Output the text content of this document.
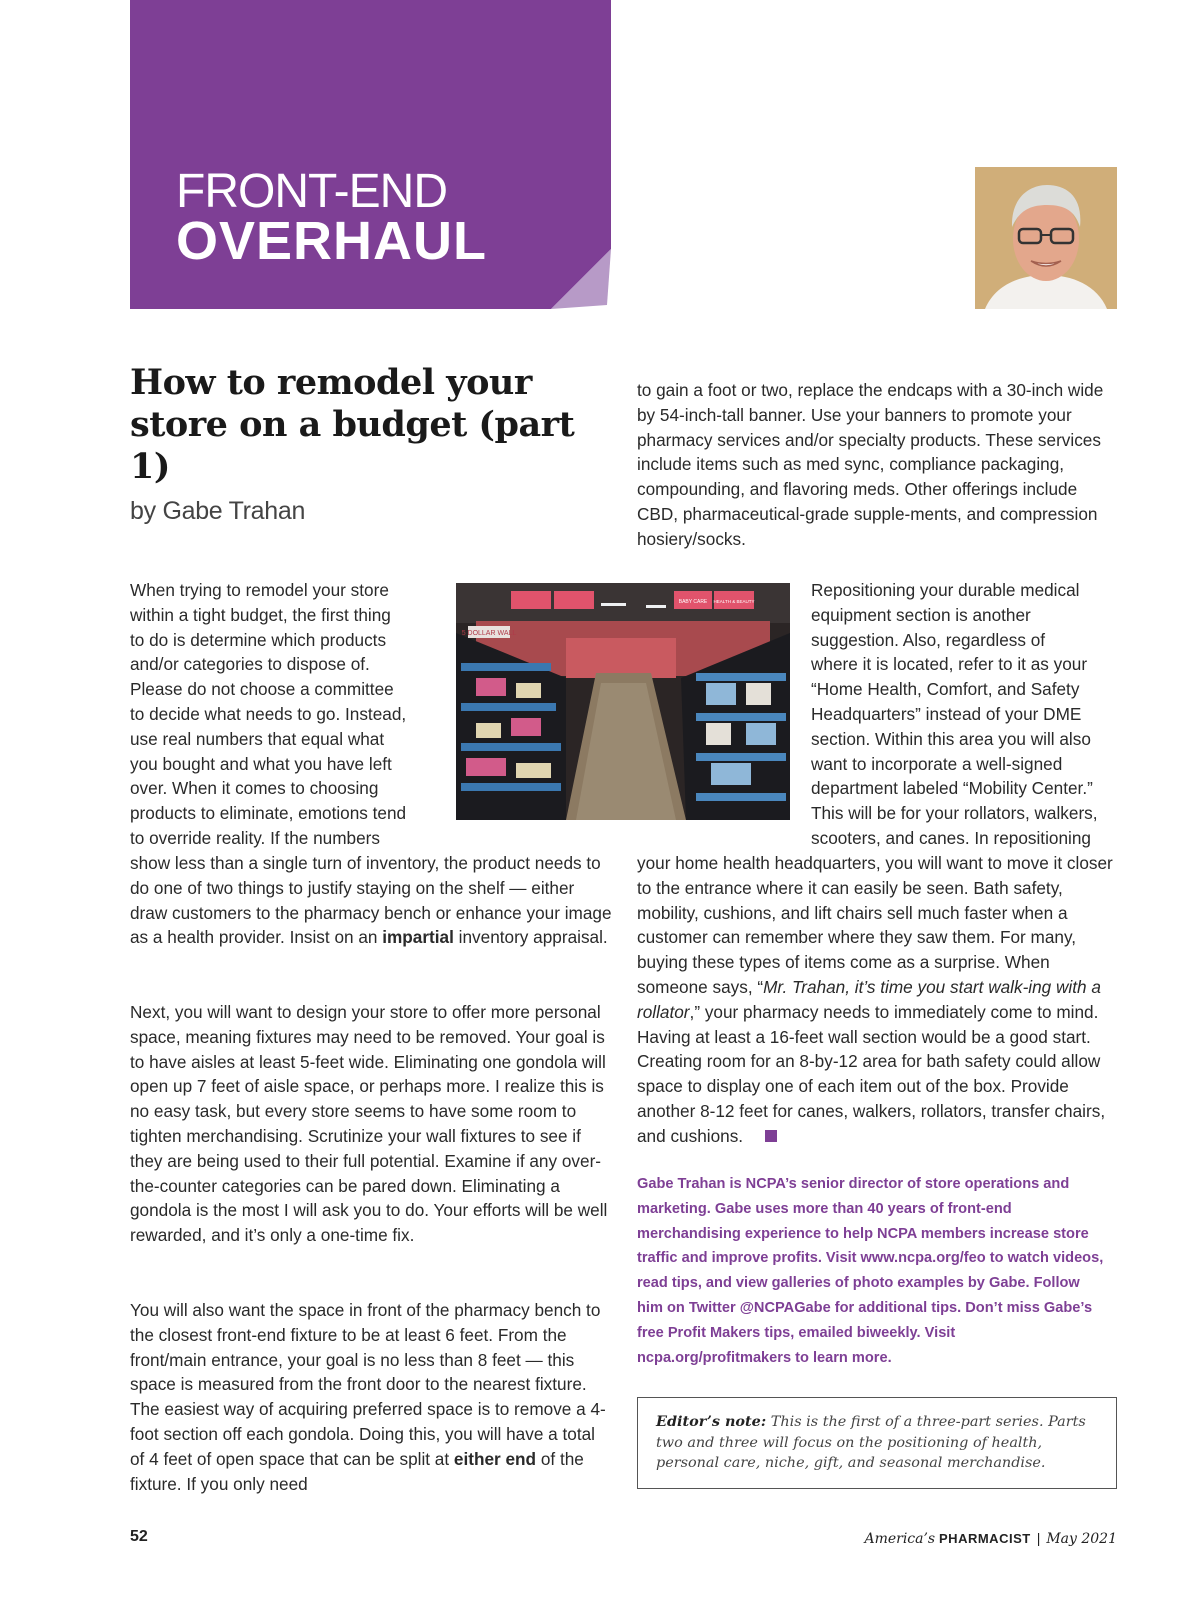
FRONT-END
OVERHAUL
How to remodel your store on a budget (part 1)
by Gabe Trahan

to gain a foot or two, replace the endcaps with a 30-inch wide by 54-inch-tall banner. Use your banners to promote your pharmacy services and/or specialty products. These services include items such as med sync, compliance packaging, compounding, and flavoring meds. Other offerings include CBD, pharmaceutical-grade supple-ments, and compression hosiery/socks.

When trying to remodel your store
within a tight budget, the first thing
to do is determine which products
and/or categories to dispose of.
Please do not choose a committee
to decide what needs to go. Instead,
use real numbers that equal what
you bought and what you have left
over. When it comes to choosing
products to eliminate, emotions tend
to override reality. If the numbers

show less than a single turn of inventory, the product needs to do one of two things to justify staying on the shelf — either draw customers to the pharmacy bench or enhance your image as a health provider. Insist on an impartial inventory appraisal.

Next, you will want to design your store to offer more personal space, meaning fixtures may need to be removed. Your goal is to have aisles at least 5-feet wide. Eliminating one gondola will open up 7 feet of aisle space, or perhaps more. I realize this is no easy task, but every store seems to have some room to tighten merchandising. Scrutinize your wall fixtures to see if they are being used to their full potential. Examine if any over-the-counter categories can be pared down. Eliminating a gondola is the most I will ask you to do. Your efforts will be well rewarded, and it’s only a one-time fix.

You will also want the space in front of the pharmacy bench to the closest front-end fixture to be at least 6 feet. From the front/main entrance, your goal is no less than 8 feet — this space is measured from the front door to the nearest fixture. The easiest way of acquiring preferred space is to remove a 4-foot section off each gondola. Doing this, you will have a total of 4 feet of open space that can be split at either end of the fixture. If you only need

5 DOLLAR WALL
BABY CARE HEALTH & BEAUTY
Repositioning your durable medical
equipment section is another
suggestion. Also, regardless of
where it is located, refer to it as your
“Home Health, Comfort, and Safety
Headquarters” instead of your DME
section. Within this area you will also
want to incorporate a well-signed
department labeled “Mobility Center.”
This will be for your rollators, walkers,
scooters, and canes. In repositioning

your home health headquarters, you will want to move it closer to the entrance where it can easily be seen. Bath safety, mobility, cushions, and lift chairs sell much faster when a customer can remember where they saw them. For many, buying these types of items come as a surprise. When someone says, “Mr. Trahan, it’s time you start walk-ing with a rollator,” your pharmacy needs to immediately come to mind. Having at least a 16-feet wall section would be a good start. Creating room for an 8-by-12 area for bath safety could allow space to display one of each item out of the box. Provide another 8-12 feet for canes, walkers, rollators, transfer chairs, and cushions.

Gabe Trahan is NCPA’s senior director of store operations and marketing. Gabe uses more than 40 years of front-end merchandising experience to help NCPA members increase store traffic and improve profits. Visit www.ncpa.org/feo to watch videos, read tips, and view galleries of photo examples by Gabe. Follow him on Twitter @NCPAGabe for additional tips. Don’t miss Gabe’s free Profit Makers tips, emailed biweekly. Visit ncpa.org/profitmakers to learn more.
Editor’s note: This is the first of a three-part series. Parts two and three will focus on the positioning of health, personal care, niche, gift, and seasonal merchandise.
52	America’s PHARMACIST | May 2021
